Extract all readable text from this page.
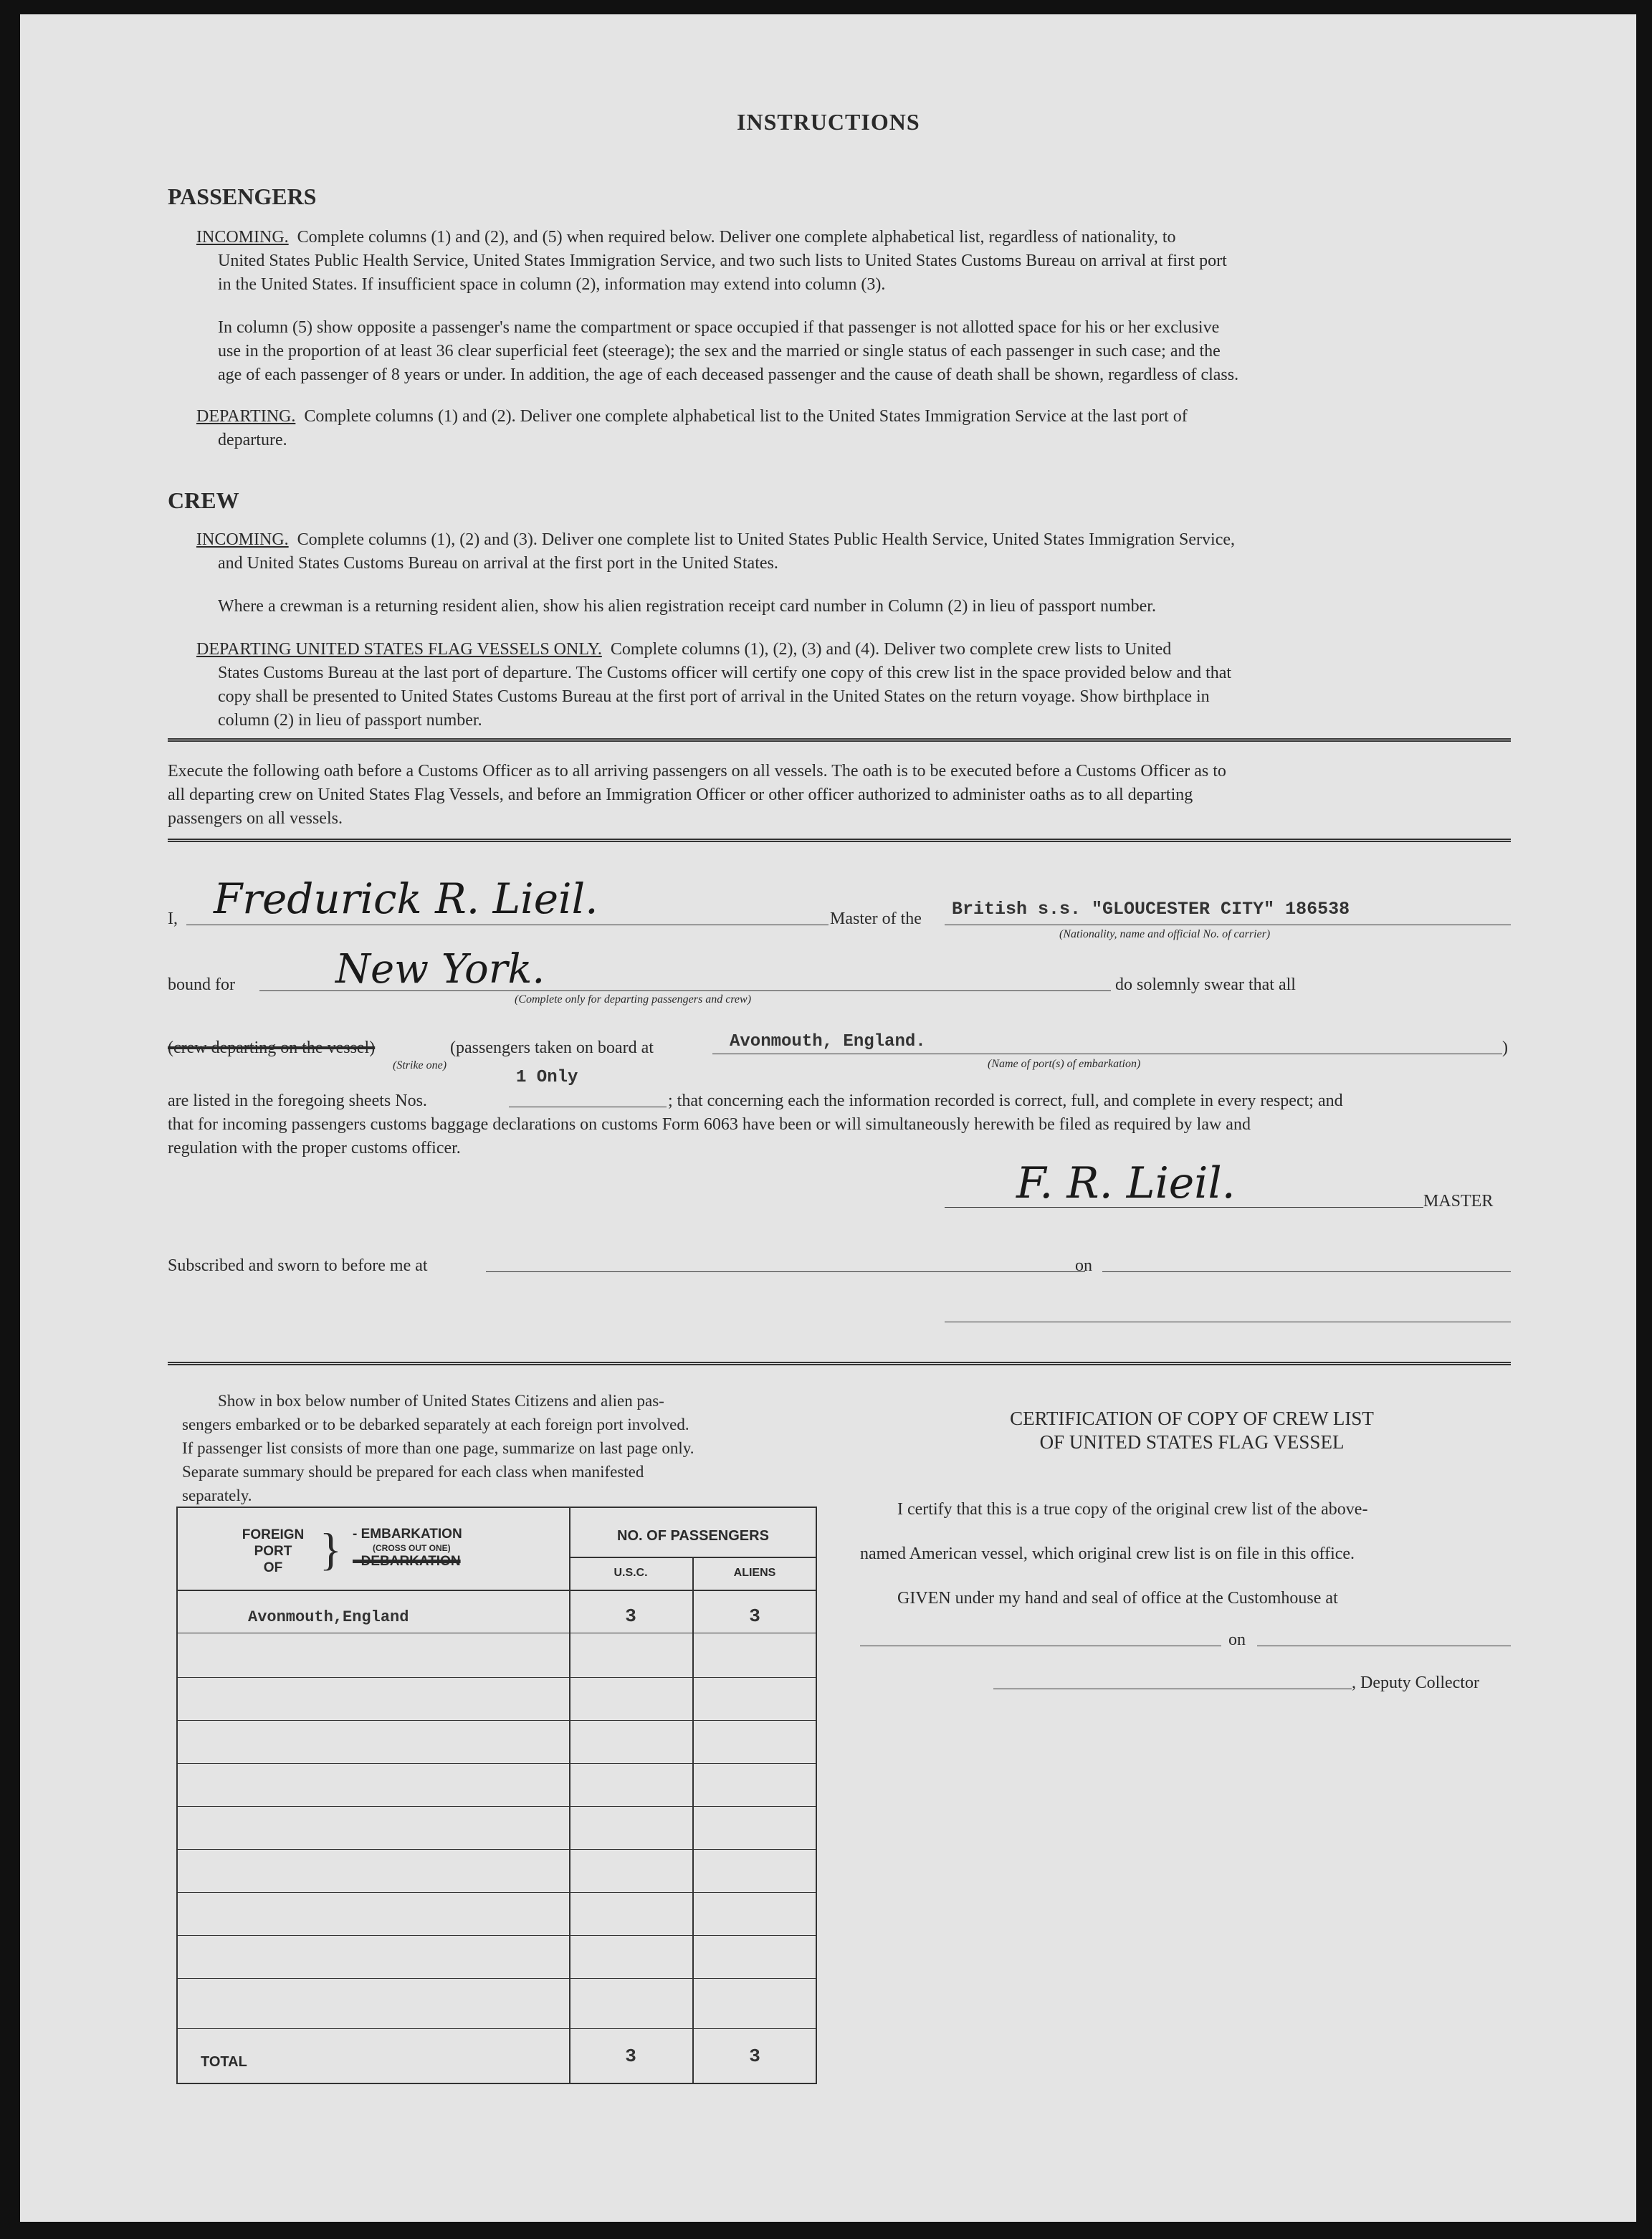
INSTRUCTIONS
PASSENGERS
INCOMING. Complete columns (1) and (2), and (5) when required below. Deliver one complete alphabetical list, regardless of nationality, to
United States Public Health Service, United States Immigration Service, and two such lists to United States Customs Bureau on arrival at first port
in the United States. If insufficient space in column (2), information may extend into column (3).
In column (5) show opposite a passenger's name the compartment or space occupied if that passenger is not allotted space for his or her exclusive
use in the proportion of at least 36 clear superficial feet (steerage); the sex and the married or single status of each passenger in such case; and the
age of each passenger of 8 years or under. In addition, the age of each deceased passenger and the cause of death shall be shown, regardless of class.
DEPARTING. Complete columns (1) and (2). Deliver one complete alphabetical list to the United States Immigration Service at the last port of
departure.
CREW
INCOMING. Complete columns (1), (2) and (3). Deliver one complete list to United States Public Health Service, United States Immigration Service,
and United States Customs Bureau on arrival at the first port in the United States.
Where a crewman is a returning resident alien, show his alien registration receipt card number in Column (2) in lieu of passport number.
DEPARTING UNITED STATES FLAG VESSELS ONLY. Complete columns (1), (2), (3) and (4). Deliver two complete crew lists to United
States Customs Bureau at the last port of departure. The Customs officer will certify one copy of this crew list in the space provided below and that
copy shall be presented to United States Customs Bureau at the first port of arrival in the United States on the return voyage. Show birthplace in
column (2) in lieu of passport number.
Execute the following oath before a Customs Officer as to all arriving passengers on all vessels. The oath is to be executed before a Customs Officer as to
all departing crew on United States Flag Vessels, and before an Immigration Officer or other officer authorized to administer oaths as to all departing
passengers on all vessels.
I, Fredurick R. Lieil.	Master of the British s.s. "GLOUCESTER CITY" 186538
(Nationality, name and official No. of carrier)
bound for	New York.
(Complete only for departing passengers and crew)
do solemnly swear that all
(crew departing on the vessel)
(Strike one)
(passengers taken on board at	Avonmouth, England.
(Name of port(s) of embarkation)
)
are listed in the foregoing sheets Nos.
1 Only
; that concerning each the information recorded is correct, full, and complete in every respect; and
that for incoming passengers customs baggage declarations on customs Form 6063 have been or will simultaneously herewith be filed as required by law and
regulation with the proper customs officer.
F. R. Lieil.	MASTER
Subscribed and sworn to before me at	on
Show in box below number of United States Citizens and alien pas-
sengers embarked or to be debarked separately at each foreign port involved.
If passenger list consists of more than one page, summarize on last page only.
Separate summary should be prepared for each class when manifested
separately.
FOREIGN
PORT
OF } - EMBARKATION
(CROSS OUT ONE)
- DEBARKATION
NO. OF PASSENGERS
U.S.C.	ALIENS
Avonmouth,England	3	3
TOTAL	3	3
CERTIFICATION OF COPY OF CREW LIST
OF UNITED STATES FLAG VESSEL
I certify that this is a true copy of the original crew list of the above-
named American vessel, which original crew list is on file in this office.
GIVEN under my hand and seal of office at the Customhouse at
on
, Deputy Collector
